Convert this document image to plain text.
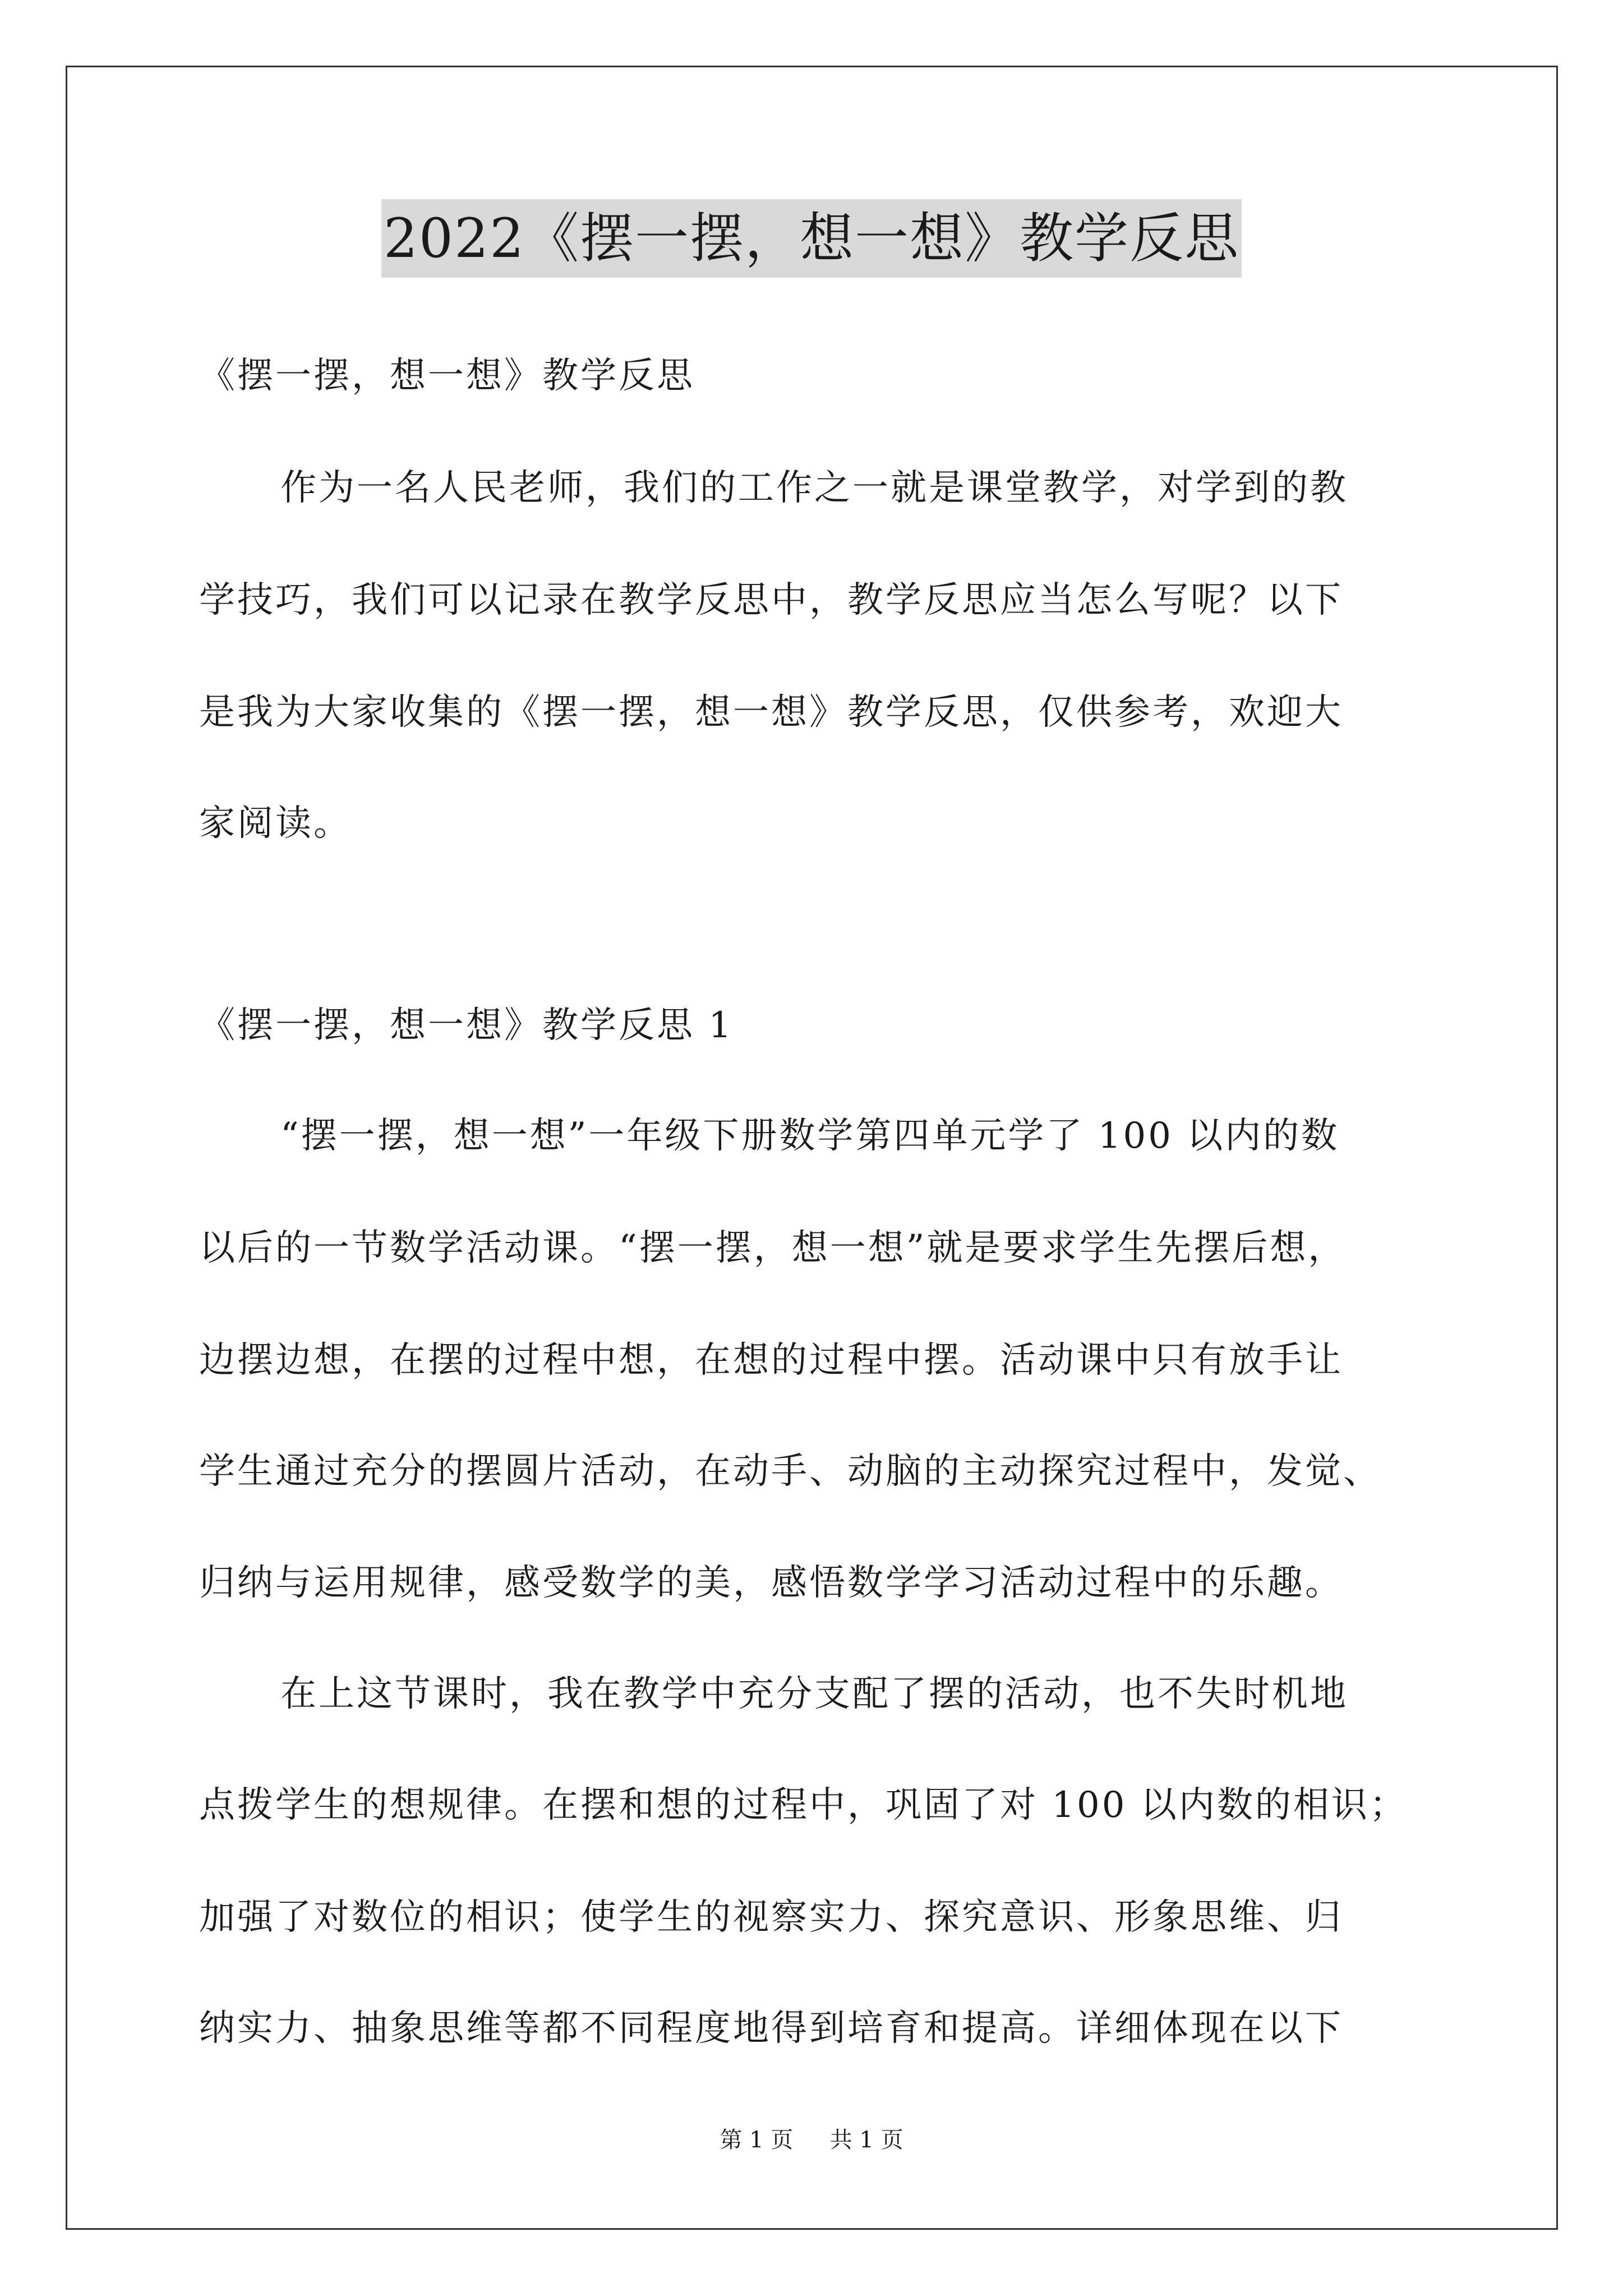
2022《摆一摆，想一想》教学反思
《摆一摆，想一想》教学反思
作为一名人民老师，我们的工作之一就是课堂教学，对学到的教
学技巧，我们可以记录在教学反思中，教学反思应当怎么写呢？以下
是我为大家收集的《摆一摆，想一想》教学反思，仅供参考，欢迎大
家阅读。
《摆一摆，想一想》教学反思 1
“摆一摆，想一想”一年级下册数学第四单元学了 100 以内的数
以后的一节数学活动课。“摆一摆，想一想”就是要求学生先摆后想，
边摆边想，在摆的过程中想，在想的过程中摆。活动课中只有放手让
学生通过充分的摆圆片活动，在动手、动脑的主动探究过程中，发觉、
归纳与运用规律，感受数学的美，感悟数学学习活动过程中的乐趣。
在上这节课时，我在教学中充分支配了摆的活动，也不失时机地
点拨学生的想规律。在摆和想的过程中，巩固了对 100 以内数的相识；
加强了对数位的相识；使学生的视察实力、探究意识、形象思维、归
纳实力、抽象思维等都不同程度地得到培育和提高。详细体现在以下
第 1 页 共 1 页
